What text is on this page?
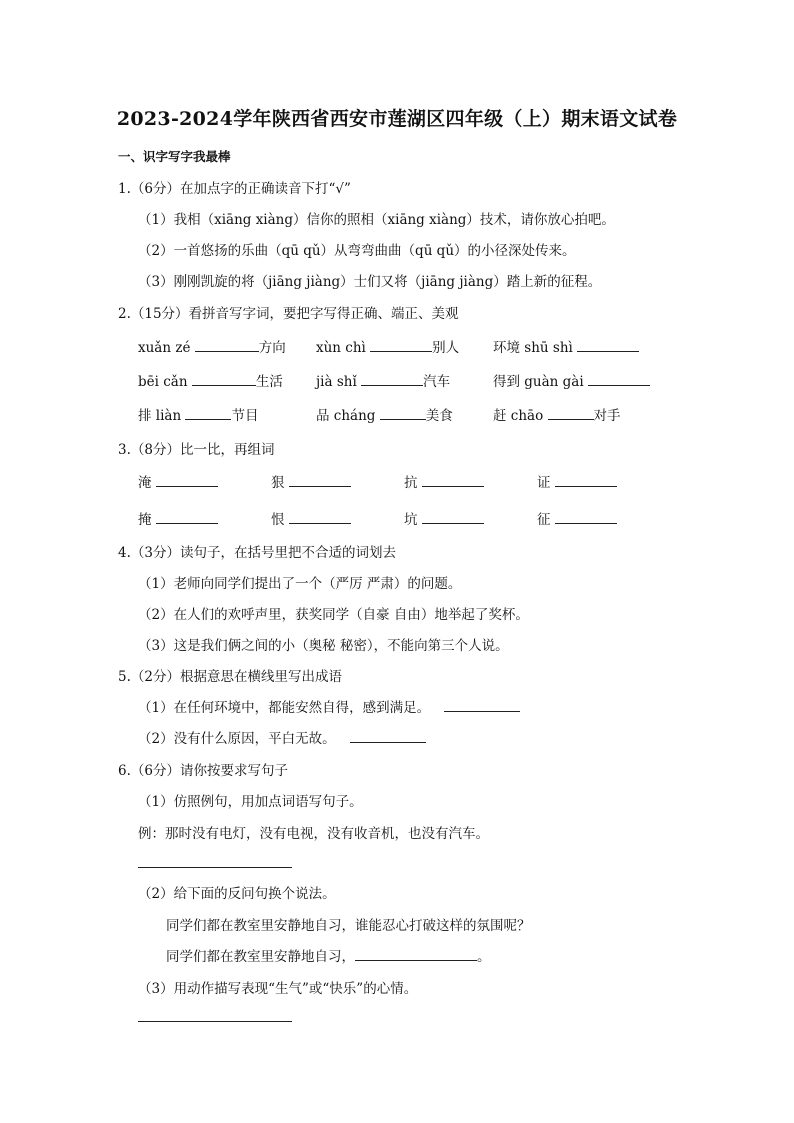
2023-2024学年陕西省西安市莲湖区四年级（上）期末语文试卷
一、识字写字我最棒
1.（6分）在加点字的正确读音下打“√”
（1）我相（xiāng xiàng）信你的照相（xiāng xiàng）技术，请你放心拍吧。
（2）一首悠扬的乐曲（qū qǔ）从弯弯曲曲（qū qǔ）的小径深处传来。
（3）刚刚凯旋的将（jiāng jiàng）士们又将（jiāng jiàng）踏上新的征程。
2.（15分）看拼音写字词，要把字写得正确、端正、美观
xuǎn zé	方向 xùn chì	别人	环境 shū shì
bēi cǎn	生活 jià shǐ	汽车	得到 guàn gài
排 liàn	节目	品 cháng	美食	赶 chāo	对手
3.（8分）比一比，再组词
淹	狠	抗	证
掩	恨	坑	征
4.（3分）读句子，在括号里把不合适的词划去
（1）老师向同学们提出了一个（严厉 严肃）的问题。
（2）在人们的欢呼声里，获奖同学（自豪 自由）地举起了奖杯。
（3）这是我们俩之间的小（奥秘 秘密），不能向第三个人说。
5.（2分）根据意思在横线里写出成语
（1）在任何环境中，都能安然自得，感到满足。
（2）没有什么原因，平白无故。
6.（6分）请你按要求写句子
（1）仿照例句，用加点词语写句子。
例：那时没有电灯，没有电视，没有收音机，也没有汽车。
（2）给下面的反问句换个说法。
同学们都在教室里安静地自习，谁能忍心打破这样的氛围呢？
同学们都在教室里安静地自习，	。
（3）用动作描写表现“生气”或“快乐”的心情。
